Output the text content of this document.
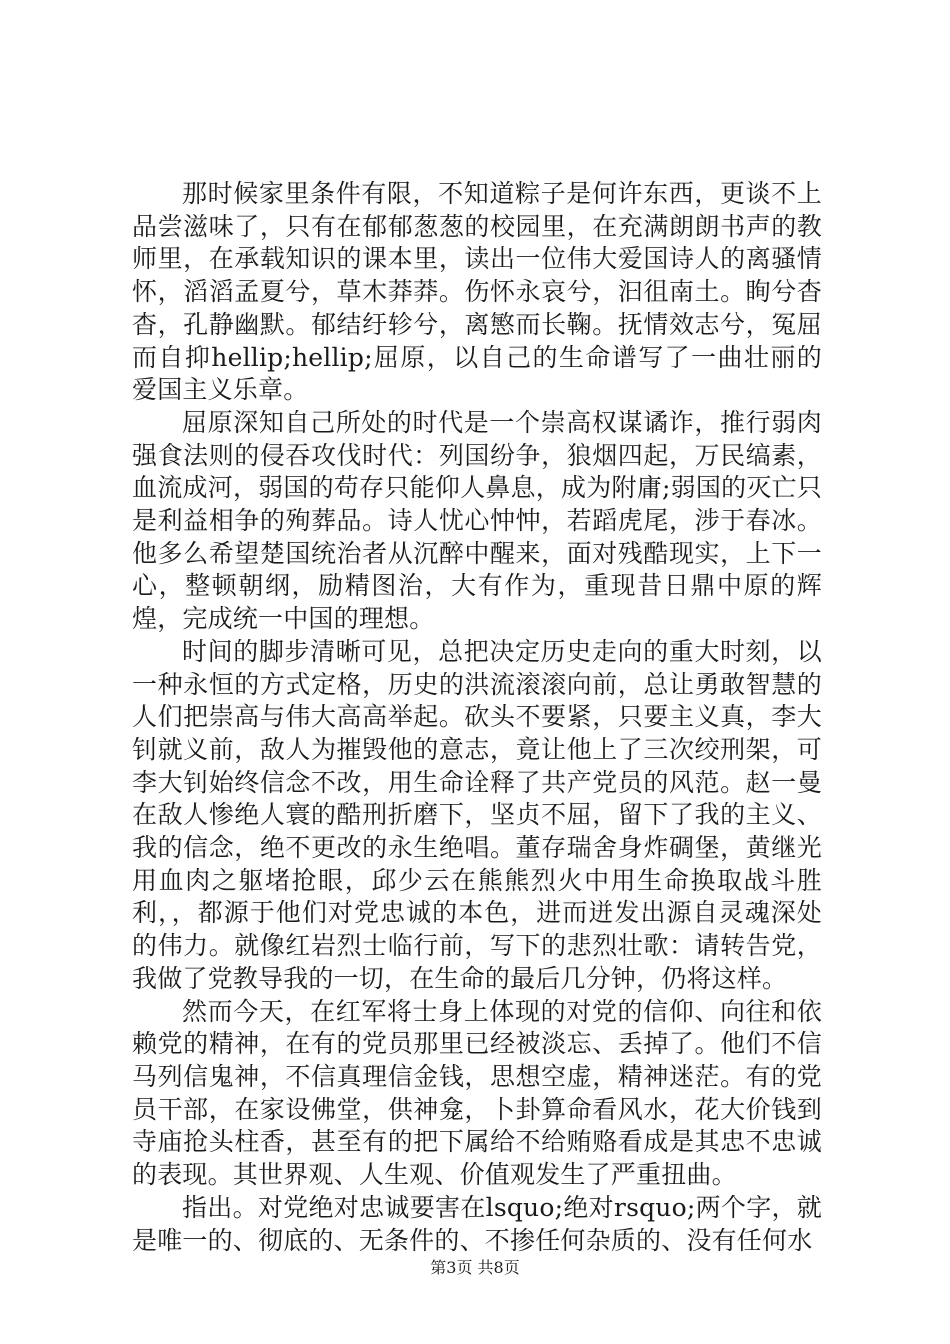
那时候家里条件有限，不知道粽子是何许东西，更谈不上品尝滋味了，只有在郁郁葱葱的校园里，在充满朗朗书声的教师里，在承载知识的课本里，读出一位伟大爱国诗人的离骚情怀，滔滔孟夏兮，草木莽莽。伤怀永哀兮，汩徂南土。眴兮杳杳，孔静幽默。郁结纡轸兮，离慜而长鞠。抚情效志兮，冤屈而自抑hellip;hellip;屈原，以自己的生命谱写了一曲壮丽的爱国主义乐章。

屈原深知自己所处的时代是一个崇高权谋谲诈，推行弱肉强食法则的侵吞攻伐时代：列国纷争，狼烟四起，万民缟素，血流成河，弱国的苟存只能仰人鼻息，成为附庸;弱国的灭亡只是利益相争的殉葬品。诗人忧心忡忡，若蹈虎尾，涉于春冰。他多么希望楚国统治者从沉醉中醒来，面对残酷现实，上下一心，整顿朝纲，励精图治，大有作为，重现昔日鼎中原的辉煌，完成统一中国的理想。

时间的脚步清晰可见，总把决定历史走向的重大时刻，以一种永恒的方式定格，历史的洪流滚滚向前，总让勇敢智慧的人们把崇高与伟大高高举起。砍头不要紧，只要主义真，李大钊就义前，敌人为摧毁他的意志，竟让他上了三次绞刑架，可李大钊始终信念不改，用生命诠释了共产党员的风范。赵一曼在敌人惨绝人寰的酷刑折磨下，坚贞不屈，留下了我的主义、我的信念，绝不更改的永生绝唱。董存瑞舍身炸碉堡，黄继光用血肉之躯堵抢眼，邱少云在熊熊烈火中用生命换取战斗胜利，，都源于他们对党忠诚的本色，进而迸发出源自灵魂深处的伟力。就像红岩烈士临行前，写下的悲烈壮歌：请转告党，我做了党教导我的一切，在生命的最后几分钟，仍将这样。

然而今天，在红军将士身上体现的对党的信仰、向往和依赖党的精神，在有的党员那里已经被淡忘、丢掉了。他们不信马列信鬼神，不信真理信金钱，思想空虚，精神迷茫。有的党员干部，在家设佛堂，供神龛，卜卦算命看风水，花大价钱到寺庙抢头柱香，甚至有的把下属给不给贿赂看成是其忠不忠诚的表现。其世界观、人生观、价值观发生了严重扭曲。

指出。对党绝对忠诚要害在lsquo;绝对rsquo;两个字，就是唯一的、彻底的、无条件的、不掺任何杂质的、没有任何水

第3页 共8页
